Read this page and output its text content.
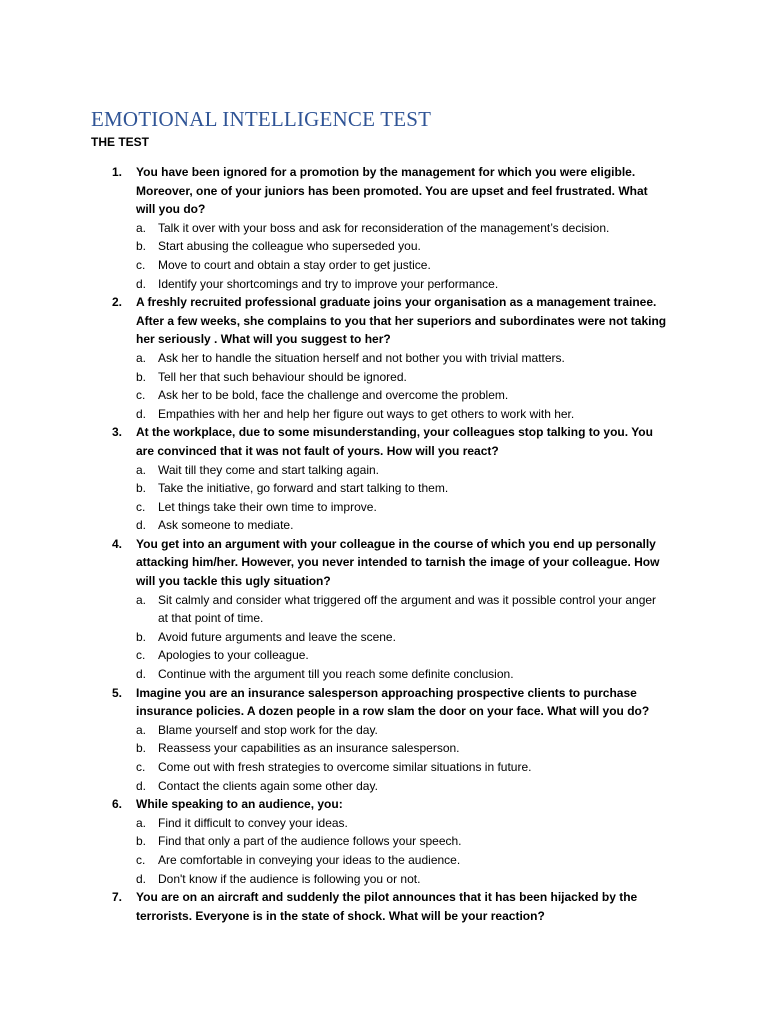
EMOTIONAL INTELLIGENCE TEST
THE TEST
1. You have been ignored for a promotion by the management for which you were eligible. Moreover, one of your juniors has been promoted. You are upset and feel frustrated. What will you do?
a. Talk it over with your boss and ask for reconsideration of the management’s decision.
b. Start abusing the colleague who superseded you.
c. Move to court and obtain a stay order to get justice.
d. Identify your shortcomings and try to improve your performance.
2. A freshly recruited professional graduate joins your organisation as a management trainee. After a few weeks, she complains to you that her superiors and subordinates were not taking her seriously . What will you suggest to her?
a. Ask her to handle the situation herself and not bother you with trivial matters.
b. Tell her that such behaviour should be ignored.
c. Ask her to be bold, face the challenge and overcome the problem.
d. Empathies with her and help her figure out ways to get others to work with her.
3. At the workplace, due to some misunderstanding, your colleagues stop talking to you. You are convinced that it was not fault of yours. How will you react?
a. Wait till they come and start talking again.
b. Take the initiative, go forward and start talking to them.
c. Let things take their own time to improve.
d. Ask someone to mediate.
4. You get into an argument with your colleague in the course of which you end up personally attacking him/her. However, you never intended to tarnish the image of your colleague. How will you tackle this ugly situation?
a. Sit calmly and consider what triggered off the argument and was it possible control your anger at that point of time.
b. Avoid future arguments and leave the scene.
c. Apologies to your colleague.
d. Continue with the argument till you reach some definite conclusion.
5. Imagine you are an insurance salesperson approaching prospective clients to purchase insurance policies. A dozen people in a row slam the door on your face. What will you do?
a. Blame yourself and stop work for the day.
b. Reassess your capabilities as an insurance salesperson.
c. Come out with fresh strategies to overcome similar situations in future.
d. Contact the clients again some other day.
6. While speaking to an audience, you:
a. Find it difficult to convey your ideas.
b. Find that only a part of the audience follows your speech.
c. Are comfortable in conveying your ideas to the audience.
d. Don't know if the audience is following you or not.
7. You are on an aircraft and suddenly the pilot announces that it has been hijacked by the terrorists. Everyone is in the state of shock. What will be your reaction?
